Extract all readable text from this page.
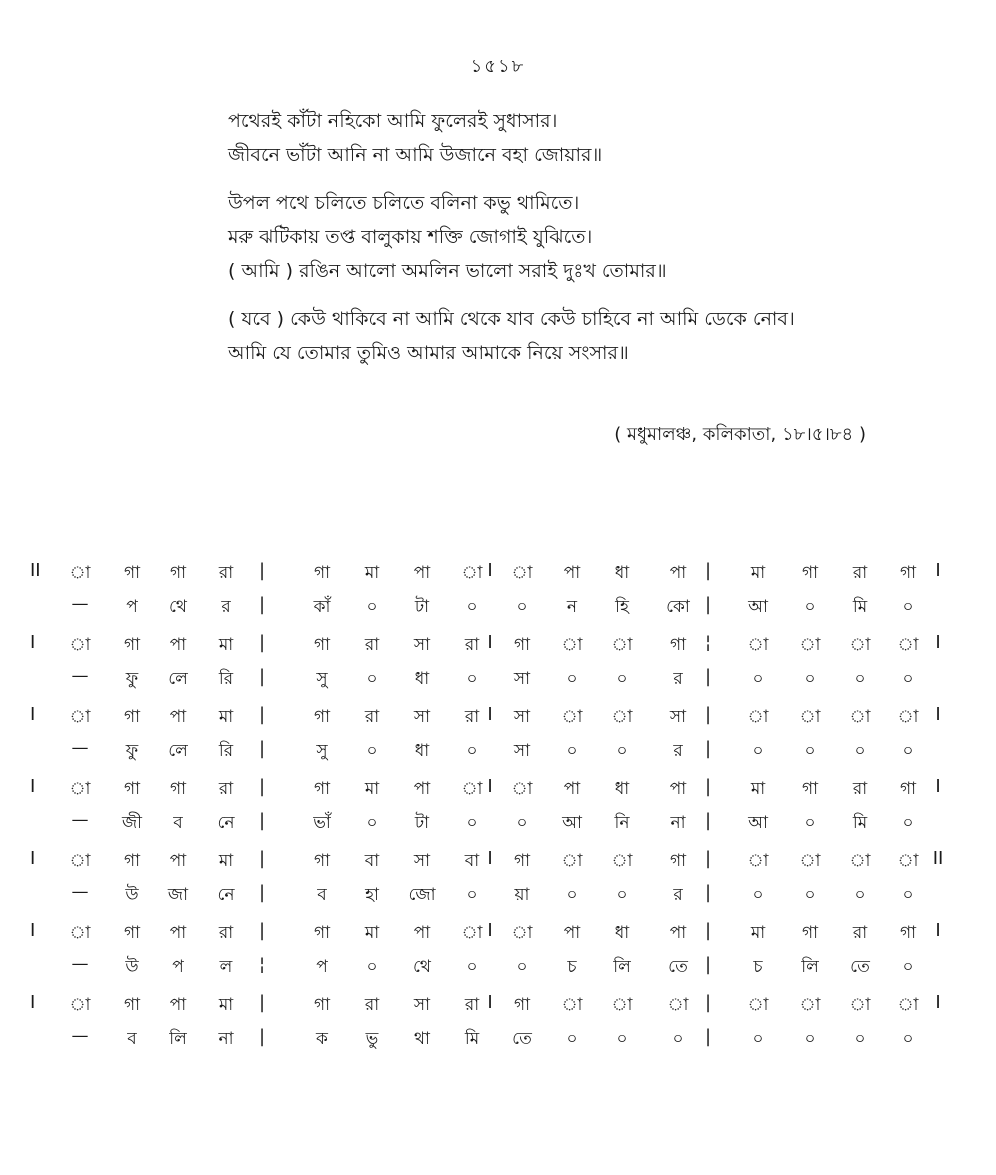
১৫১৮
পথেরই কাঁটা নহিকো আমি ফুলেরই সুধাসার।
জীবনে ভাঁটা আনি না আমি উজানে বহা জোয়ার॥
উপল পথে চলিতে চলিতে বলিনা কভু থামিতে।
মরু ঝটিকায় তপ্ত বালুকায় শক্তি জোগাই যুঝিতে।
( আমি ) রঙিন আলো অমলিন ভালো সরাই দুঃখ তোমার॥
( যবে ) কেউ থাকিবে না আমি থেকে যাব কেউ চাহিবে না আমি ডেকে নোব।
আমি যে তোমার তুমিও আমার আমাকে নিয়ে সংসার॥
( মধুমালঞ্চ, কলিকাতা, ১৮।৫।৮৪ )
II া গা গা রা |	গা মা পা া I া পা ধা পা | মা গা রা গা I
— প থে র |	কাঁ ০ টা ০ ০ ন হি কো | আ ০ মি ০
I া গা পা মা |	গা রা সা রা I গা া া গা ¦ া া া া I
— ফু লে রি |	সু ০ ধা ০ সা ০ ০	র | ০ ০ ০ ০
I া গা পা মা |	গা রা সা রা I সা া া সা | া া া া I
— ফু লে রি |	সু ০ ধা ০ সা ০ ০	র | ০ ০ ০ ০
I া গা গা রা |	গা মা পা া I া পা ধা পা | মা গা রা গা I
— জী ব নে |	ভাঁ ০ টা ০ ০ আ নি না | আ ০ মি ০
I া গা পা মা |	গা বা সা বা I গা া া গা | া া া া II
— উ জা নে |	ব হা জো ০ য়া ০ ০	র | ০ ০ ০ ০
I া গা পা রা |	গা মা পা া I া পা ধা পা | মা গা রা গা I
— উ প ল ¦	প ০ থে ০ ০ চ লি তে | চ লি তে ০
I া গা পা মা |	গা রা সা রা I গা া া া | া া া া I
— ব লি না |	ক ভু থা মি তে ০ ০	০ | ০ ০ ০ ০
